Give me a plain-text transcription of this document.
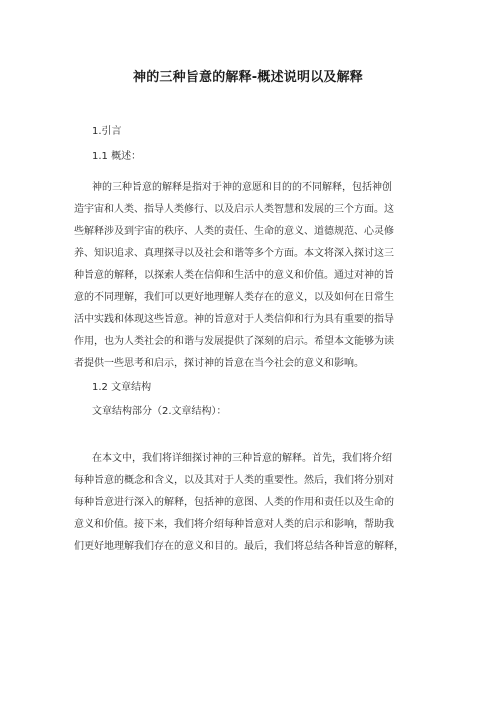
神的三种旨意的解释-概述说明以及解释
1.引言
1.1 概述：
神的三种旨意的解释是指对于神的意愿和目的的不同解释，包括神创
造宇宙和人类、指导人类修行、以及启示人类智慧和发展的三个方面。这
些解释涉及到宇宙的秩序、人类的责任、生命的意义、道德规范、心灵修
养、知识追求、真理探寻以及社会和谐等多个方面。本文将深入探讨这三
种旨意的解释，以探索人类在信仰和生活中的意义和价值。通过对神的旨
意的不同理解，我们可以更好地理解人类存在的意义，以及如何在日常生
活中实践和体现这些旨意。神的旨意对于人类信仰和行为具有重要的指导
作用，也为人类社会的和谐与发展提供了深刻的启示。希望本文能够为读
者提供一些思考和启示，探讨神的旨意在当今社会的意义和影响。
1.2 文章结构
文章结构部分（2.文章结构）：
在本文中，我们将详细探讨神的三种旨意的解释。首先，我们将介绍
每种旨意的概念和含义，以及其对于人类的重要性。然后，我们将分别对
每种旨意进行深入的解释，包括神的意图、人类的作用和责任以及生命的
意义和价值。接下来，我们将介绍每种旨意对人类的启示和影响，帮助我
们更好地理解我们存在的意义和目的。最后，我们将总结各种旨意的解释，
